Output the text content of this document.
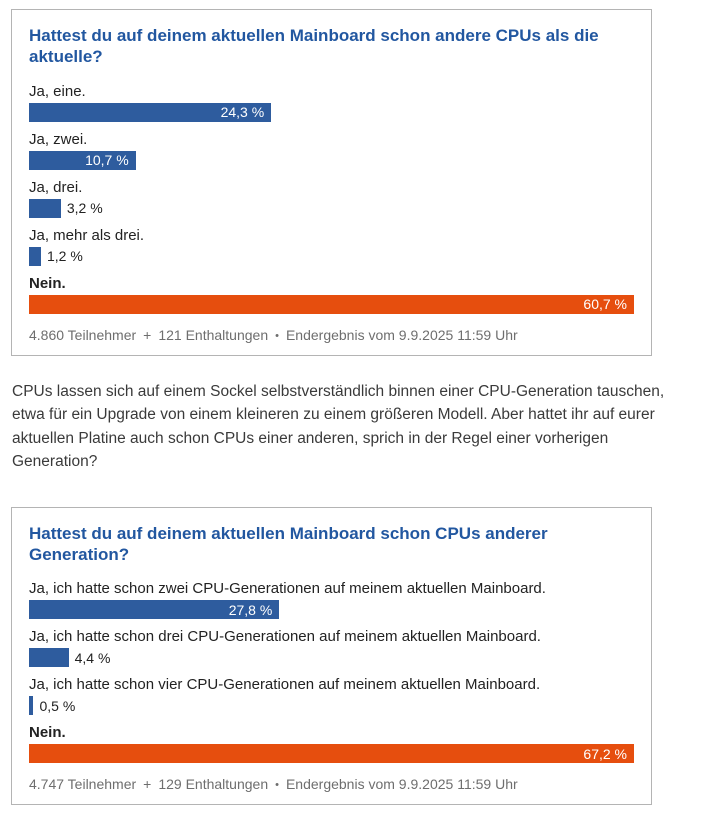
Hattest du auf deinem aktuellen Mainboard schon andere CPUs als die aktuelle?
Ja, eine.
24,3 %
Ja, zwei.
10,7 %
Ja, drei.
3,2 %
Ja, mehr als drei.
1,2 %
Nein.
60,7 %
4.860 Teilnehmer + 121 Enthaltungen • Endergebnis vom 9.9.2025 11:59 Uhr

CPUs lassen sich auf einem Sockel selbstverständlich binnen einer CPU-Generation tauschen, etwa für ein Upgrade von einem kleineren zu einem größeren Modell. Aber hattet ihr auf eurer aktuellen Platine auch schon CPUs einer anderen, sprich in der Regel einer vorherigen Generation?

Hattest du auf deinem aktuellen Mainboard schon CPUs anderer Generation?
Ja, ich hatte schon zwei CPU-Generationen auf meinem aktuellen Mainboard.
27,8 %
Ja, ich hatte schon drei CPU-Generationen auf meinem aktuellen Mainboard.
4,4 %
Ja, ich hatte schon vier CPU-Generationen auf meinem aktuellen Mainboard.
0,5 %
Nein.
67,2 %
4.747 Teilnehmer + 129 Enthaltungen • Endergebnis vom 9.9.2025 11:59 Uhr
